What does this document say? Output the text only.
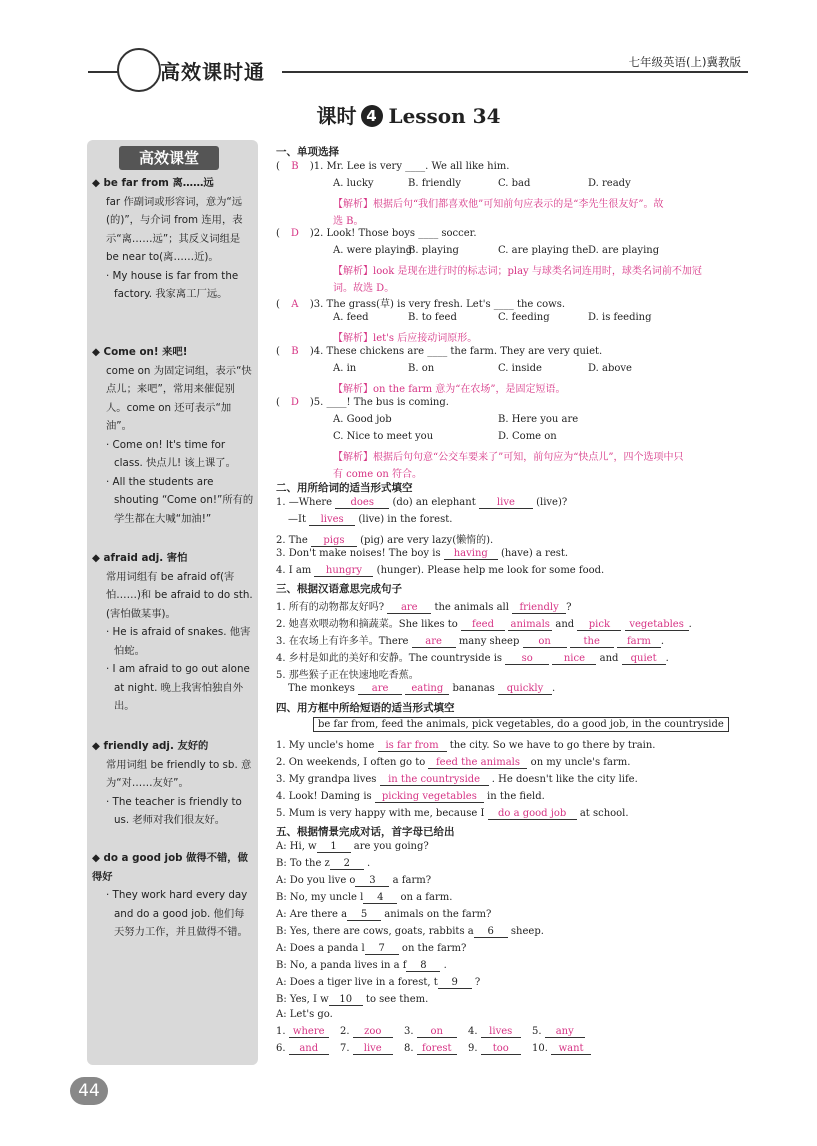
高效课时通	七年级英语(上)冀教版
课时 4 Lesson 34
高效课堂
◆ be far from 离……远

far 作副词或形容词，意为“远(的)”，与介词 from 连用，表示“离……远”；其反义词组是 be near to(离……近)。

· My house is far from the factory. 我家离工厂远。

◆ Come on! 来吧!

come on 为固定词组，表示“快点儿；来吧”，常用来催促别人。come on 还可表示“加油”。

· Come on! It's time for class. 快点儿! 该上课了。

· All the students are shouting “Come on!”所有的学生都在大喊“加油!”

◆ afraid adj. 害怕

常用词组有 be afraid of(害怕……)和 be afraid to do sth.(害怕做某事)。

· He is afraid of snakes. 他害怕蛇。

· I am afraid to go out alone at night. 晚上我害怕独自外出。

◆ friendly adj. 友好的

常用词组 be friendly to sb. 意为“对……友好”。

· The teacher is friendly to us. 老师对我们很友好。

◆ do a good job 做得不错，做得好

· They work hard every day and do a good job. 他们每天努力工作，并且做得不错。

一、单项选择
( B )1. Mr. Lee is very ____. We all like him.
A. lucky	B. friendly	C. bad	D. ready
【解析】根据后句“我们都喜欢他”可知前句应表示的是“李先生很友好”。故
选 B。
( D )2. Look! Those boys ____ soccer.
A. were playing
B. playing	C. are playing the D. are playing
【解析】look 是现在进行时的标志词；play 与球类名词连用时，球类名词前不加冠
词。故选 D。
( A )3. The grass(草) is very fresh. Let's ____ the cows.
A. feed	B. to feed	C. feeding	D. is feeding
【解析】let's 后应接动词原形。
( B )4. These chickens are ____ the farm. They are very quiet.
A. in	B. on	C. inside	D. above
【解析】on the farm 意为“在农场”，是固定短语。
( D )5. ____! The bus is coming.
A. Good job	B. Here you are
C. Nice to meet you	D. Come on
【解析】根据后句句意“公交车要来了”可知，前句应为“快点儿”，四个选项中只
有 come on 符合。
二、用所给词的适当形式填空
1. —Where does (do) an elephant live (live)?
—It lives (live) in the forest.
2. The pigs (pig) are very lazy(懒惰的).
3. Don't make noises! The boy is having (have) a rest.
4. I am hungry (hunger). Please help me look for some food.
三、根据汉语意思完成句子
1. 所有的动物都友好吗? are the animals all friendly ?
2. 她喜欢喂动物和摘蔬菜。She likes to feed animals and pick vegetables .
3. 在农场上有许多羊。There are many sheep on	the	farm .
4. 乡村是如此的美好和安静。The countryside is so	nice and quiet .
5. 那些猴子正在快速地吃香蕉。
The monkeys are eating bananas quickly .
四、用方框中所给短语的适当形式填空
be far from, feed the animals, pick vegetables, do a good job, in the countryside
1. My uncle's home is far from the city. So we have to go there by train.
2. On weekends, I often go to feed the animals on my uncle's farm.
3. My grandpa lives in the countryside . He doesn't like the city life.
4. Look! Daming is picking vegetables in the field.
5. Mum is very happy with me, because I do a good job at school.
五、根据情景完成对话，首字母已给出
A: Hi, w 1 are you going?
B: To the z 2 .
A: Do you live o 3 a farm?
B: No, my uncle l 4 on a farm.
A: Are there a 5 animals on the farm?
B: Yes, there are cows, goats, rabbits a 6 sheep.
A: Does a panda l 7 on the farm?
B: No, a panda lives in a f 8 .
A: Does a tiger live in a forest, t 9 ?
B: Yes, I w 10 to see them.
A: Let's go.
1. where	2. zoo	3. on	4. lives	5. any
6. and	7. live	8. forest	9. too	10. want
44
